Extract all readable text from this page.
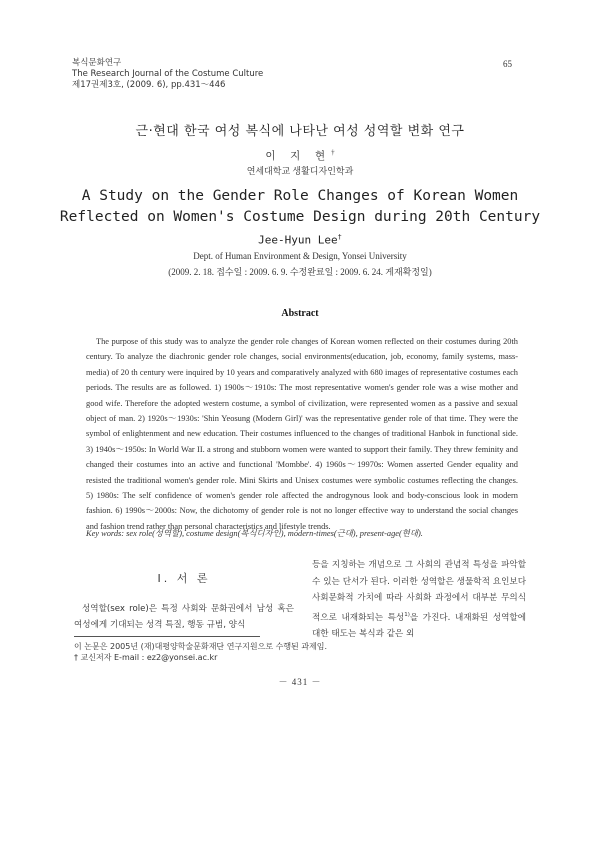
복식문화연구
The Research Journal of the Costume Culture
제17권제3호, (2009. 6), pp.431～446
65
근·현대 한국 여성 복식에 나타난 여성 성역할 변화 연구
이 지 현†
연세대학교 생활디자인학과
A Study on the Gender Role Changes of Korean Women
Reflected on Women's Costume Design during 20th Century
Jee-Hyun Lee†
Dept. of Human Environment & Design, Yonsei University
(2009. 2. 18. 접수일 : 2009. 6. 9. 수정완료일 : 2009. 6. 24. 게재확정일)
Abstract
The purpose of this study was to analyze the gender role changes of Korean women reflected on their costumes during 20th century. To analyze the diachronic gender role changes, social environments(education, job, economy, family systems, mass-media) of 20 th century were inquired by 10 years and comparatively analyzed with 680 images of representative costumes each periods. The results are as followed. 1) 1900s～1910s: The most representative women's gender role was a wise mother and good wife. Therefore the adopted western costume, a symbol of civilization, were represented women as a passive and sexual object of man. 2) 1920s～1930s: 'Shin Yeosung (Modern Girl)' was the representative gender role of that time. They were the symbol of enlightenment and new education. Their costumes influenced to the changes of traditional Hanbok in functional side. 3) 1940s～1950s: In World War II. a strong and stubborn women were wanted to support their family. They threw feminity and changed their costumes into an active and functional 'Mombbe'. 4) 1960s～19970s: Women asserted Gender equality and resisted the traditional women's gender role. Mini Skirts and Unisex costumes were symbolic costumes reflecting the changes. 5) 1980s: The self confidence of women's gender role affected the androgynous look and body-conscious look in modern fashion. 6) 1990s～2000s: Now, the dichotomy of gender role is not no longer effective way to understand the social changes and fashion trend rather than personal characteristics and lifestyle trends.
Key words: sex role(성역할), costume design(복식디자인), modern-times(근대), present-age(현대).
Ⅰ. 서 론
성역할(sex role)은 특정 사회와 문화권에서 남성 혹은 여성에게 기대되는 성격 특질, 행동 규범, 양식
등을 지칭하는 개념으로 그 사회의 관념적 특성을 파악할 수 있는 단서가 된다. 이러한 성역할은 생물학적 요인보다 사회문화적 가치에 따라 사회화 과정에서 대부분 무의식적으로 내재화되는 특성$^{1)}$을 가진다. 내재화된 성역할에 대한 태도는 복식과 같은 외
이 논문은 2005년 (재)대평양학술문화재단 연구지원으로 수행된 과제임.
† 교신저자 E-mail : ez2@yonsei.ac.kr
－ 431 －
